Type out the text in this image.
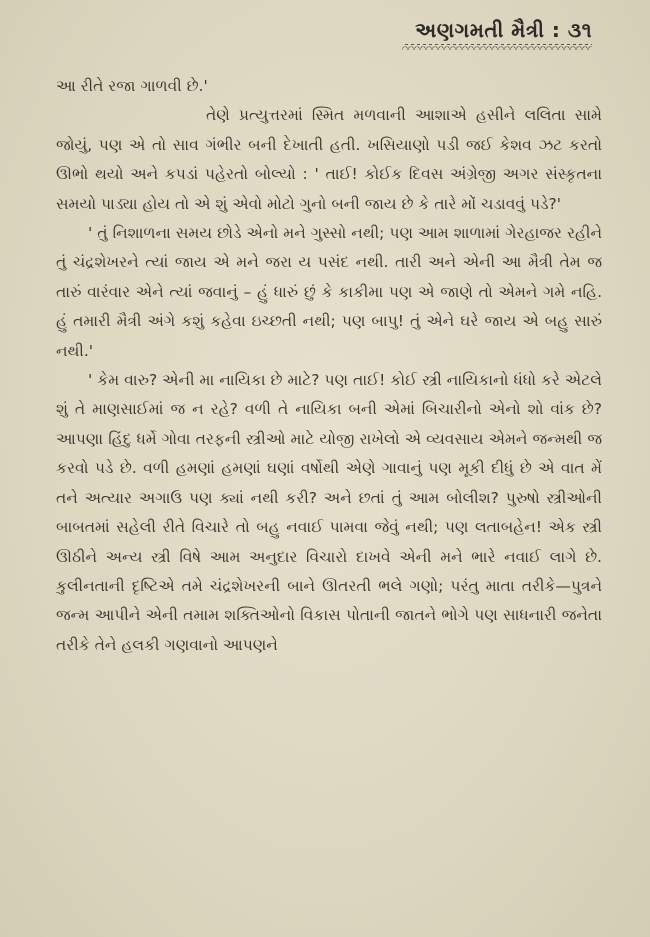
અણગમતી મૈત્રી : ૩૧

આ રીતે રજા ગાળવી છે.'

તેણે પ્રત્યુત્તરમાં સ્મિત મળવાની આશાએ હસીને લલિતા સામે જોયું, પણ એ તો સાવ ગંભીર બની દેખાતી હતી. ખસિયાણો પડી જઈ કેશવ ઝટ કરતો ઊભો થયો અને કપડાં પહેરતો બોલ્યો : ' તાઈ! કોઈક દિવસ અંગ્રેજી અગર સંસ્કૃતના સમયો પાડ્યા હોય તો એ શું એવો મોટો ગુનો બની જાય છે કે તારે મોં ચડાવવું પડે?'

' તું નિશાળના સમય છોડે એનો મને ગુસ્સો નથી; પણ આમ શાળામાં ગેરહાજર રહીને તું ચંદ્રશેખરને ત્યાં જાય એ મને જરા ય પસંદ નથી. તારી અને એની આ મૈત્રી તેમ જ તારું વારંવાર એને ત્યાં જવાનું – હું ધારું છું કે કાકીમા પણ એ જાણે તો એમને ગમે નહિ. હું તમારી મૈત્રી અંગે કશું કહેવા ઇચ્છતી નથી; પણ બાપુ! તું એને ઘરે જાય એ બહુ સારું નથી.'

' કેમ વારુ? એની મા નાયિકા છે માટે? પણ તાઈ! કોઈ સ્ત્રી નાયિકાનો ધંધો કરે એટલે શું તે માણસાઈમાં જ ન રહે? વળી તે નાયિકા બની એમાં બિચારીનો એનો શો વાંક છે? આપણા હિંદુ ધર્મે ગોવા તરફની સ્ત્રીઓ માટે યોજી રાખેલો એ વ્યવસાય એમને જન્મથી જ કરવો પડે છે. વળી હમણાં હમણાં ઘણાં વર્ષોથી એણે ગાવાનું પણ મૂકી દીધું છે એ વાત મેં તને અત્યાર અગાઉ પણ ક્યાં નથી કરી? અને છતાં તું આમ બોલીશ? પુરુષો સ્ત્રીઓની બાબતમાં સહેલી રીતે વિચારે તો બહુ નવાઈ પામવા જેવું નથી; પણ લતાબહેન! એક સ્ત્રી ઊઠીને અન્ય સ્ત્રી વિષે આમ અનુદાર વિચારો દાખવે એની મને ભારે નવાઈ લાગે છે. કુલીનતાની દૃષ્ટિએ તમે ચંદ્રશેખરની બાને ઊતરતી ભલે ગણો; પરંતુ માતા તરીકે—પુત્રને જન્મ આપીને એની તમામ શક્તિઓનો વિકાસ પોતાની જાતને ભોગે પણ સાધનારી જનેતા તરીકે તેને હલકી ગણવાનો આપણને
